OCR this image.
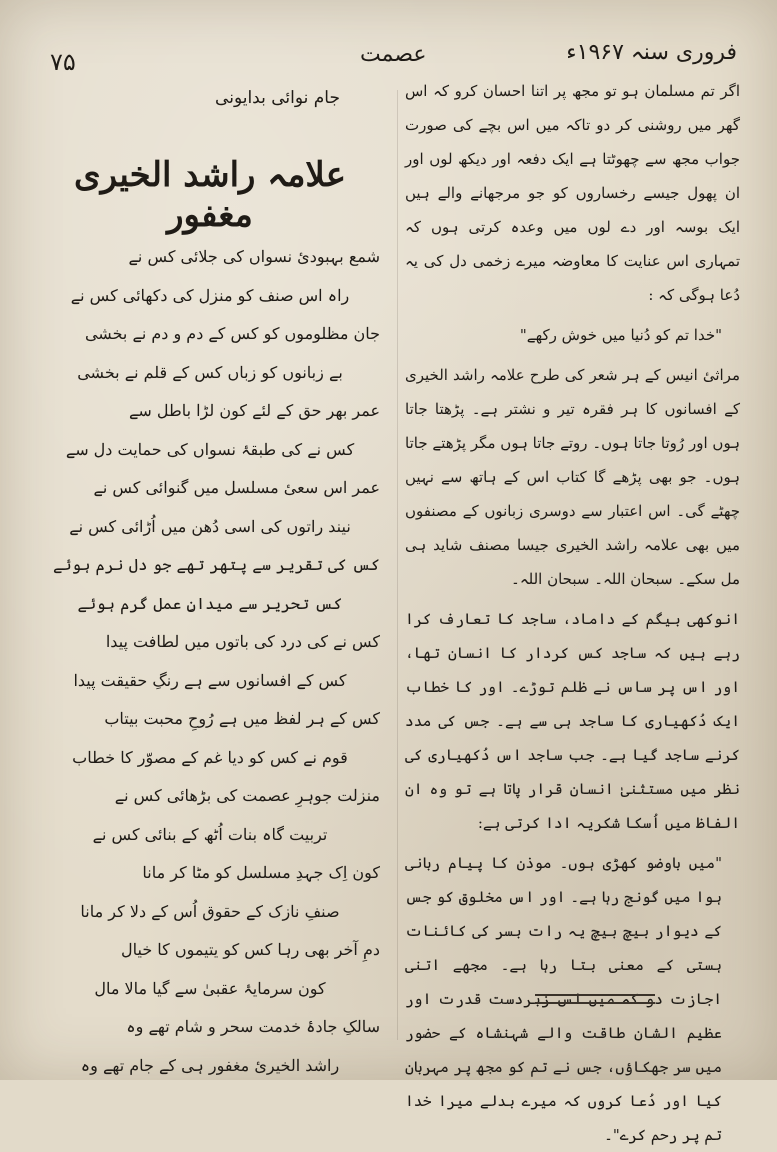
۷۵	عصمت	فروری سنہ ۱۹۶۷ء
جام نوائی بدایونی
علامہ راشد الخیری مغفور
شمع بہبودیٔ نسواں کی جلائی کس نے
راہ اس صنف کو منزل کی دکھائی کس نے
جان مظلوموں کو کس کے دم و دم نے بخشی
بے زبانوں کو زباں کس کے قلم نے بخشی
عمر بھر حق کے لئے کون لڑا باطل سے
کس نے کی طبقۂ نسواں کی حمایت دل سے
عمر اس سعیٔ مسلسل میں گنوائی کس نے
نیند راتوں کی اسی دُھن میں اُڑائی کس نے
کس کی تقریر سے پتھر تھے جو دل نرم ہوئے
کس تحریر سے میدانِ عمل گرم ہوئے
کس نے کی درد کی باتوں میں لطافت پیدا
کس کے افسانوں سے ہے رنگِ حقیقت پیدا
کس کے ہر لفظ میں ہے رُوحِ محبت بیتاب
قوم نے کس کو دیا غم کے مصوّر کا خطاب
منزلت جوہرِ عصمت کی بڑھائی کس نے
تربیت گاہ بنات اُٹھ کے بنائی کس نے
کون اِک جہدِ مسلسل کو مٹا کر مانا
صنفِ نازک کے حقوق اُس کے دلا کر مانا
دمِ آخر بھی رہا کس کو یتیموں کا خیال
کون سرمایۂ عقبیٰ سے گیا مالا مال
سالکِ جادۂ خدمت سحر و شام تھے وہ
راشد الخیریٔ مغفور ہی کے جام تھے وہ

اگر تم مسلمان ہو تو مجھ پر اتنا احسان کرو کہ اس گھر میں روشنی کر دو تاکہ میں اس بچے کی صورت جواب مجھ سے چھوٹتا ہے ایک دفعہ اور دیکھ لوں اور ان پھول جیسے رخساروں کو جو مرجھانے والے ہیں ایک بوسہ اور دے لوں میں وعدہ کرتی ہوں کہ تمہاری اس عنایت کا معاوضہ میرے زخمی دل کی یہ دُعا ہوگی کہ :

"خدا تم کو دُنیا میں خوش رکھے"

مراثیٔ انیس کے ہر شعر کی طرح علامہ راشد الخیری کے افسانوں کا ہر فقرہ تیر و نشتر ہے۔ پڑھتا جاتا ہوں اور رُوتا جاتا ہوں۔ روتے جاتا ہوں مگر پڑھتے جاتا ہوں۔ جو بھی پڑھے گا کتاب اس کے ہاتھ سے نہیں چھٹے گی۔ اس اعتبار سے دوسری زبانوں کے مصنفوں میں بھی علامہ راشد الخیری جیسا مصنف شاید ہی مل سکے۔ سبحان اللہ۔ سبحان اللہ۔

انوکھی بیگم کے داماد، ساجد کا تعارف کرا رہے ہیں کہ ساجد کس کردار کا انسان تھا، اور اس پر ساس نے ظلم توڑے۔ اور کا خطاب ایک دُکھیاری کا ساجد ہی سے ہے۔ جس کی مدد کرنے ساجد گیا ہے۔ جب ساجد اس دُکھیاری کی نظر میں مستثنیٰ انسان قرار پاتا ہے تو وہ ان الفاظ میں اُسکا شکریہ ادا کرتی ہے:

"میں باوضو کھڑی ہوں۔ موذن کا پیام ربانی ہوا میں گونج رہا ہے۔ اور اس مخلوق کو جس کے دیوار بیچ بیچ یہ رات بسر کی کائنات ہستی کے معنی بتا رہا ہے۔ مجھے اتنی اجازت دو کہ میں اس زبردست قدرت اور عظیم الشان طاقت والے شہنشاہ کے حضور میں سر جھکاؤں، جس نے تم کو مجھ پر مہربان کیا اور دُعا کروں کہ میرے بدلے میرا خدا تم پر رحم کرے"۔
